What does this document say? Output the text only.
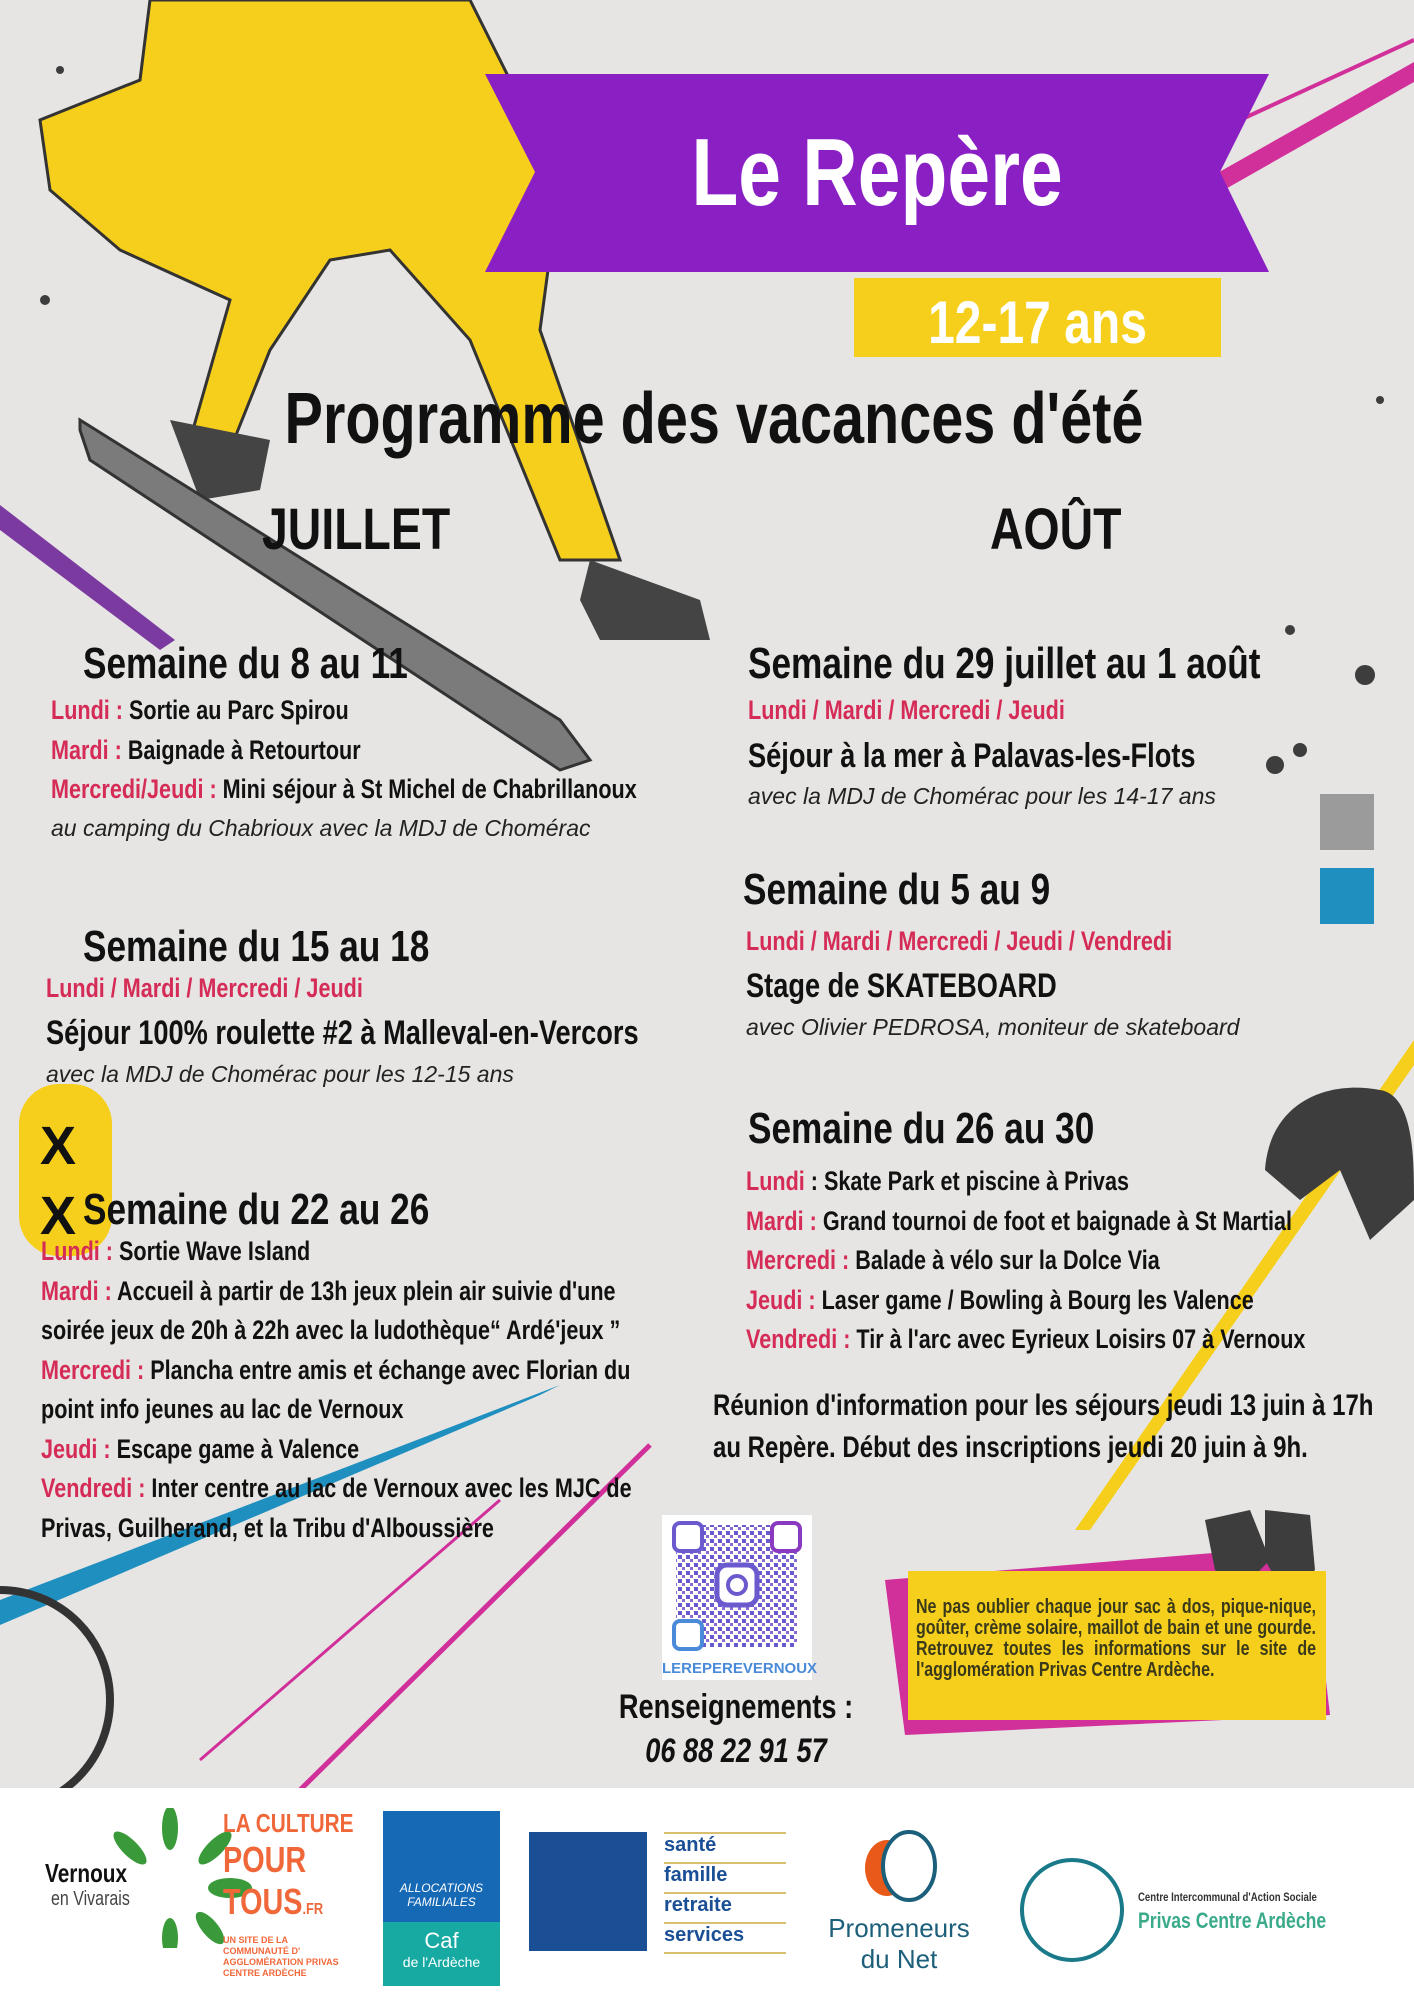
Le Repère
12-17 ans
Programme des vacances d'été
JUILLET	AOÛT
Semaine du 8 au 11
Lundi : Sortie au Parc Spirou
Mardi : Baignade à Retourtour
Mercredi/Jeudi : Mini séjour à St Michel de Chabrillanoux
au camping du Chabrioux avec la MDJ de Chomérac
Semaine du 15 au 18
Lundi / Mardi / Mercredi / Jeudi
Séjour 100% roulette #2 à Malleval-en-Vercors
avec la MDJ de Chomérac pour les 12-15 ans
X
X Semaine du 22 au 26
Lundi : Sortie Wave Island
Mardi : Accueil à partir de 13h jeux plein air suivie d'une
soirée jeux de 20h à 22h avec la ludothèque“ Ardé'jeux ”
Mercredi : Plancha entre amis et échange avec Florian du
point info jeunes au lac de Vernoux
Jeudi : Escape game à Valence
Vendredi : Inter centre au lac de Vernoux avec les MJC de
Privas, Guilherand, et la Tribu d'Alboussière
Semaine du 29 juillet au 1 août
Lundi / Mardi / Mercredi / Jeudi
Séjour à la mer à Palavas-les-Flots
avec la MDJ de Chomérac pour les 14-17 ans
Semaine du 5 au 9
Lundi / Mardi / Mercredi / Jeudi / Vendredi
Stage de SKATEBOARD
avec Olivier PEDROSA, moniteur de skateboard
Semaine du 26 au 30
Lundi : Skate Park et piscine à Privas
Mardi : Grand tournoi de foot et baignade à St Martial
Mercredi : Balade à vélo sur la Dolce Via
Jeudi : Laser game / Bowling à Bourg les Valence
Vendredi : Tir à l'arc avec Eyrieux Loisirs 07 à Vernoux
Réunion d'information pour les séjours jeudi 13 juin à 17h
au Repère. Début des inscriptions jeudi 20 juin à 9h.
LEREPEREVERNOUX
Renseignements :
06 88 22 91 57
Ne pas oublier chaque jour sac à dos, pique-nique, goûter, crème solaire, maillot de bain et une gourde. Retrouvez toutes les informations sur le site de l'agglomération Privas Centre Ardèche.
Vernoux
en Vivarais
LA CULTURE
POUR
TOUS.FR
UN SITE DE LA COMMUNAUTÉ D' AGGLOMÉRATION PRIVAS CENTRE ARDÈCHE
ALLOCATIONS
FAMILIALES
Caf
de l'Ardèche
santé
famille
retraite
services	Promeneurs
du Net
Centre Intercommunal d'Action Sociale
Privas Centre Ardèche
